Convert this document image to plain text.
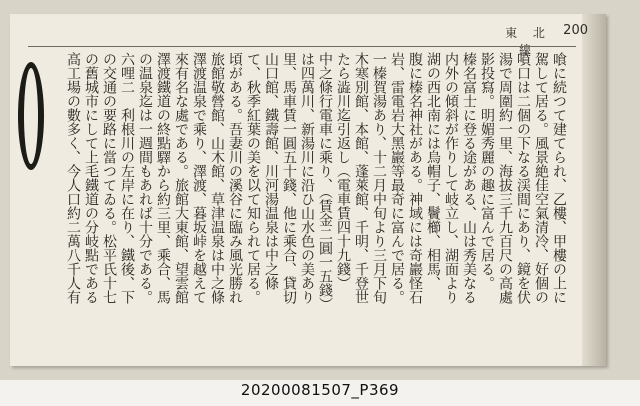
東 北 線
200
喰に続つて建てられ、乙樓、甲樓の上に
駕して居る。風景絶佳空氣清冷、好個の
噴口は二個の下なる渓間にあり、鏡を伏
湯で周圍約一里、海拔三千九百尺の高處
影投寫。明媚秀麗の趣に富んで居る。
榛名富士に登る途がある、山は秀美なる
内外の傾斜が作りして岐立し、湖面より
湖の西北南には烏帽子、鬢櫛、相馬、
腹に榛名神社がある。神域には奇巖怪石
岩、雷電岩大黑巖等最奇に富んで居る。
一榛賀湯あり、十二月中旬より三月下旬
木寒別館、本館、蓬萊館、千明、千登世
たら澁川迄引返し（電車賃四十九錢）
中之條行電車に乘り、（賃金二圓一五錢）
は四萬川、新湯川に沿ひ山水色の美あり
里、馬車賃一圓五十錢、他に乘合、貸切
山口館、鐵壽館、川河湯温泉は中之條
て、秋季紅葉の美を以て知られて居る。
頃がある。吾妻川の溪谷に臨み風光勝れ
旅館敬營館、山木館、草津温泉は中之條
澤渡温泉で乘り、澤渡、暮坂峠を越えて
來有名な處である。旅館大東館、望雲館
澤渡鐵道の終點驛から約三里、乘合、馬
の温泉迄は一週間もあれば十分である。
六哩二　利根川の左岸に在り、鐵後、下
の交通の要路に當つてゐる。松平氏十七
の舊城市にして上毛鐵道の分岐點である
高工場の數多く、今人口約二萬八千人有
20200081507_P369
